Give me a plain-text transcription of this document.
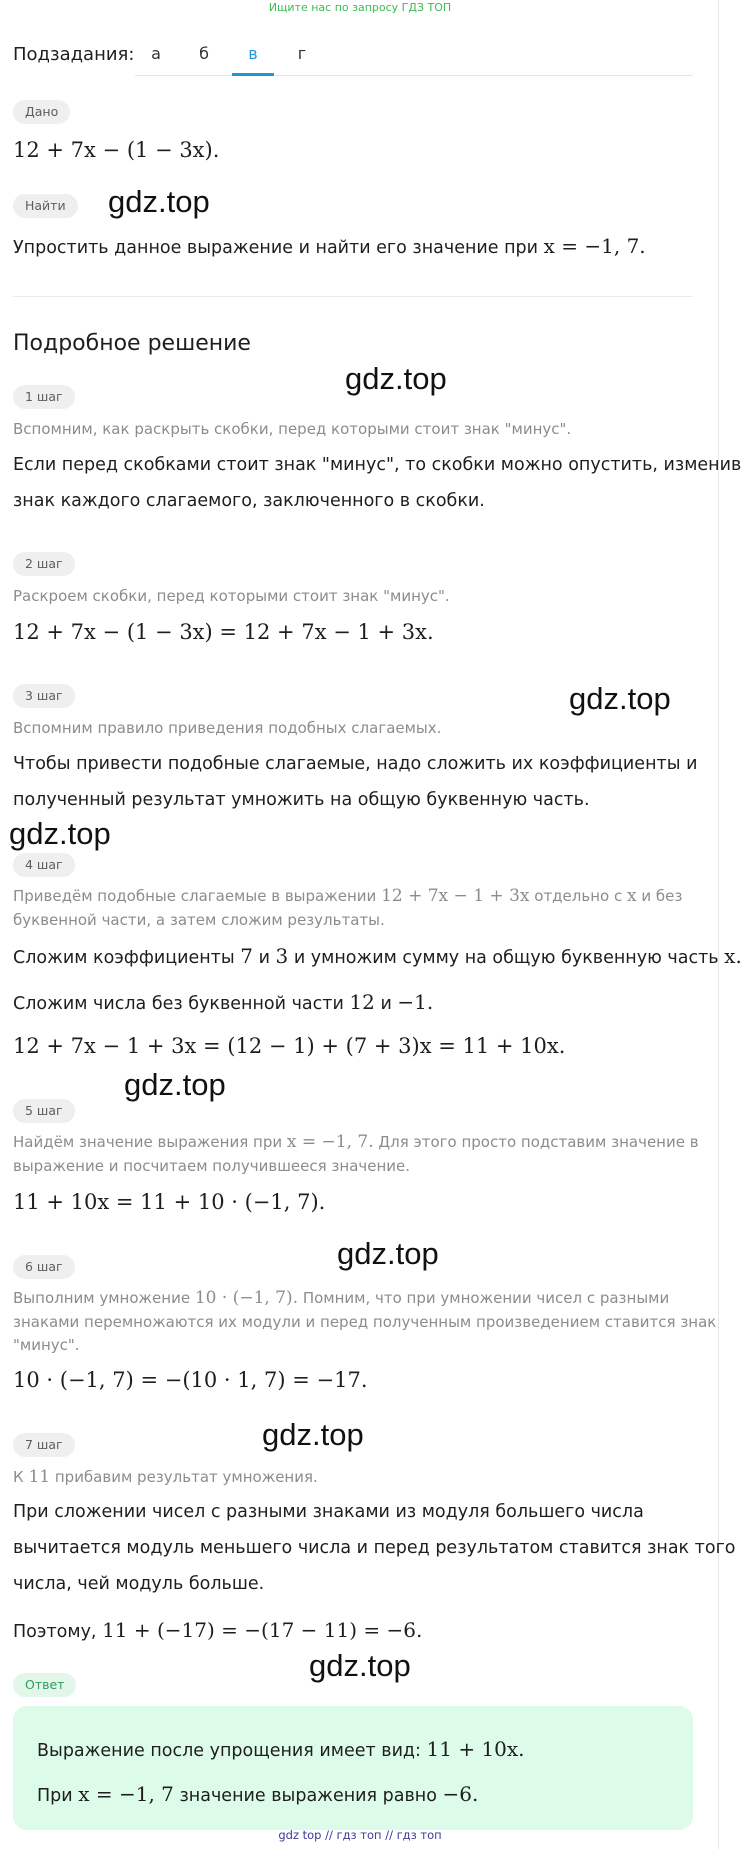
Ищите нас по запросу ГДЗ ТОП
Подзадания:	а	б	в	г
Дано
12 + 7x − (1 − 3x).
Найти
Упростить данное выражение и найти его значение при x = −1, 7.
Подробное решение
1 шаг
Вспомним, как раскрыть скобки, перед которыми стоит знак "минус".
Если перед скобками стоит знак "минус", то скобки можно опустить, изменив
знак каждого слагаемого, заключенного в скобки.
2 шаг
Раскроем скобки, перед которыми стоит знак "минус".
12 + 7x − (1 − 3x) = 12 + 7x − 1 + 3x.
3 шаг
Вспомним правило приведения подобных слагаемых.
Чтобы привести подобные слагаемые, надо сложить их коэффициенты и
полученный результат умножить на общую буквенную часть.
4 шаг
Приведём подобные слагаемые в выражении 12 + 7x − 1 + 3x отдельно с x и без
буквенной части, а затем сложим результаты.
Сложим коэффициенты 7 и 3 и умножим сумму на общую буквенную часть x.
Сложим числа без буквенной части 12 и −1.
12 + 7x − 1 + 3x = (12 − 1) + (7 + 3)x = 11 + 10x.
5 шаг
Найдём значение выражения при x = −1, 7. Для этого просто подставим значение в
выражение и посчитаем получившееся значение.
11 + 10x = 11 + 10 · (−1, 7).
6 шаг
Выполним умножение 10 · (−1, 7). Помним, что при умножении чисел с разными
знаками перемножаются их модули и перед полученным произведением ставится знак
"минус".
10 · (−1, 7) = −(10 · 1, 7) = −17.
7 шаг
К 11 прибавим результат умножения.
При сложении чисел с разными знаками из модуля большего числа
вычитается модуль меньшего числа и перед результатом ставится знак того
числа, чей модуль больше.
Поэтому, 11 + (−17) = −(17 − 11) = −6.
Ответ
Выражение после упрощения имеет вид: 11 + 10x.
При x = −1, 7 значение выражения равно −6.
gdz.top
gdz.top
gdz.top
gdz.top
gdz.top
gdz.top
gdz.top
gdz.top
gdz top // гдз топ // гдз топ
